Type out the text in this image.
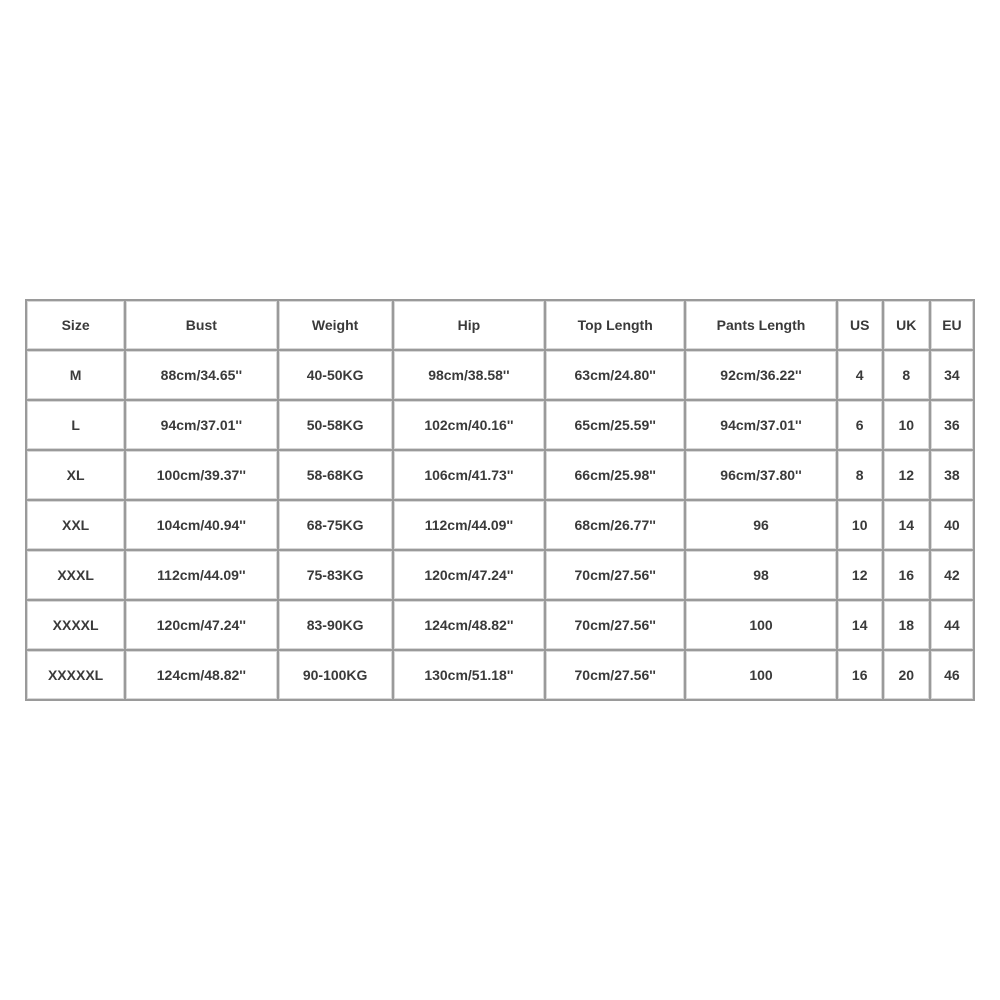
Size	Bust	Weight	Hip	Top Length	Pants Length	US	UK	EU
M	88cm/34.65''	40-50KG	98cm/38.58''	63cm/24.80''	92cm/36.22''	4	8	34
L	94cm/37.01''	50-58KG	102cm/40.16''	65cm/25.59''	94cm/37.01''	6	10	36
XL	100cm/39.37''	58-68KG	106cm/41.73''	66cm/25.98''	96cm/37.80''	8	12	38
XXL	104cm/40.94''	68-75KG	112cm/44.09''	68cm/26.77''	96	10	14	40
XXXL	112cm/44.09''	75-83KG	120cm/47.24''	70cm/27.56''	98	12	16	42
XXXXL	120cm/47.24''	83-90KG	124cm/48.82''	70cm/27.56''	100	14	18	44
XXXXXL	124cm/48.82''	90-100KG	130cm/51.18''	70cm/27.56''	100	16	20	46
